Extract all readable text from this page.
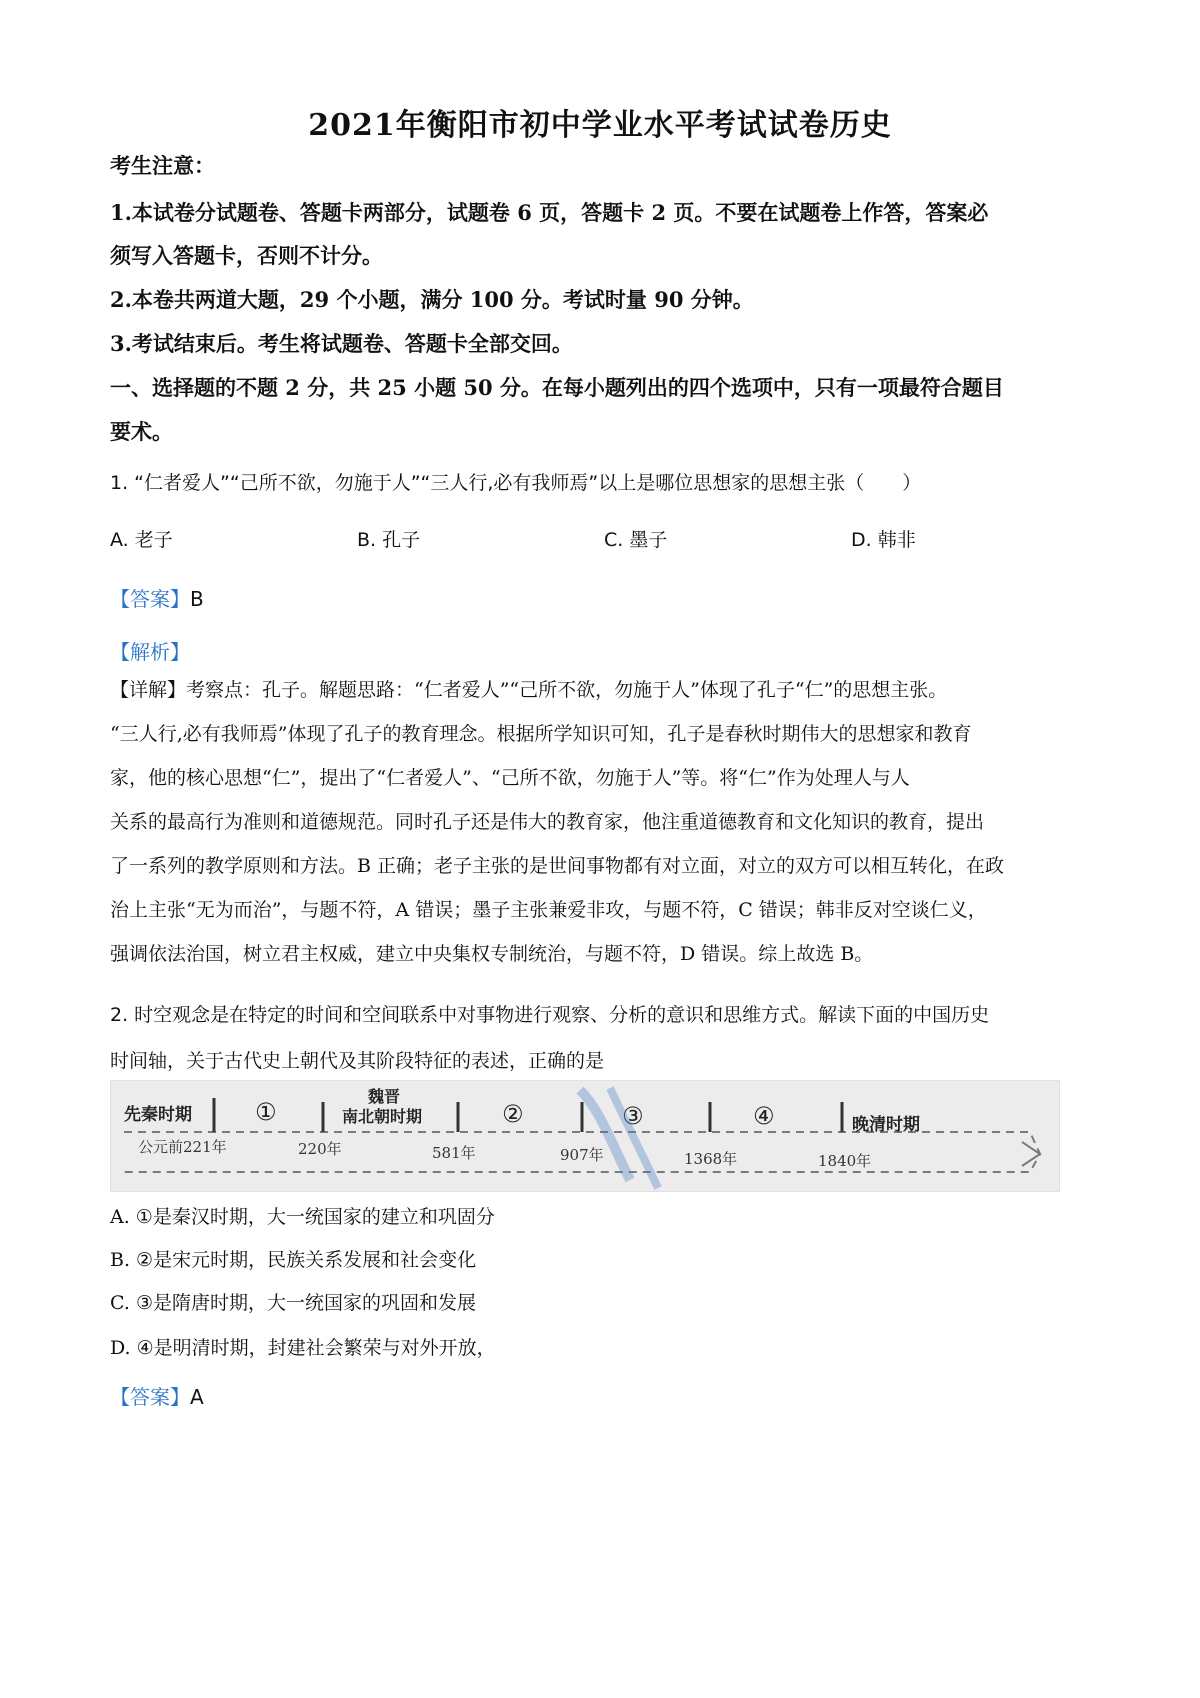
2021年衡阳市初中学业水平考试试卷历史
考生注意：
1.本试卷分试题卷、答题卡两部分，试题卷 6 页，答题卡 2 页。不要在试题卷上作答，答案必
须写入答题卡，否则不计分。
2.本卷共两道大题，29 个小题，满分 100 分。考试时量 90 分钟。
3.考试结束后。考生将试题卷、答题卡全部交回。
一、选择题的不题 2 分，共 25 小题 50 分。在每小题列出的四个选项中，只有一项最符合题目
要术。
1. “仁者爱人”“己所不欲，勿施于人”“三人行,必有我师焉”以上是哪位思想家的思想主张（　　）
A. 老子	B. 孔子	C. 墨子	D. 韩非
【答案】B
【解析】
【详解】考察点：孔子。解题思路：“仁者爱人”“己所不欲，勿施于人”体现了孔子“仁”的思想主张。
“三人行,必有我师焉”体现了孔子的教育理念。根据所学知识可知，孔子是春秋时期伟大的思想家和教育
家，他的核心思想“仁”，提出了“仁者爱人”、“己所不欲，勿施于人”等。将“仁”作为处理人与人
关系的最高行为准则和道德规范。同时孔子还是伟大的教育家，他注重道德教育和文化知识的教育，提出
了一系列的教学原则和方法。B 正确；老子主张的是世间事物都有对立面，对立的双方可以相互转化，在政
治上主张“无为而治”，与题不符，A 错误；墨子主张兼爱非攻，与题不符，C 错误；韩非反对空谈仁义，
强调依法治国，树立君主权威，建立中央集权专制统治，与题不符，D 错误。综上故选 B。
2. 时空观念是在特定的时间和空间联系中对事物进行观察、分析的意识和思维方式。解读下面的中国历史
时间轴，关于古代史上朝代及其阶段特征的表述，正确的是
先秦时期	①
魏晋
南北朝时期	②	③	④	晚清时期
公元前221年	220年	581年	907年	1368年	1840年
A. ①是秦汉时期，大一统国家的建立和巩固分
B. ②是宋元时期，民族关系发展和社会变化
C. ③是隋唐时期，大一统国家的巩固和发展
D. ④是明清时期，封建社会繁荣与对外开放，
【答案】A
